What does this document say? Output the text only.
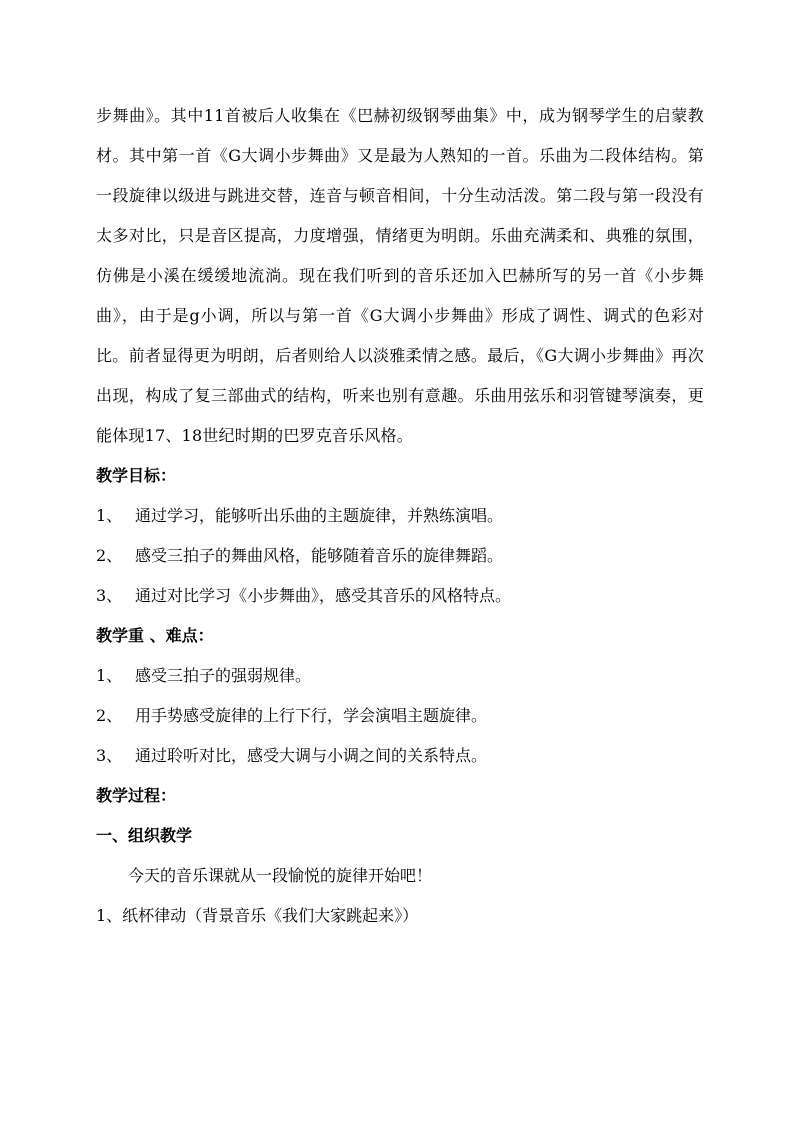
步舞曲》。其中11首被后人收集在《巴赫初级钢琴曲集》中，成为钢琴学生的启蒙教材。其中第一首《G大调小步舞曲》又是最为人熟知的一首。乐曲为二段体结构。第一段旋律以级进与跳进交替，连音与顿音相间，十分生动活泼。第二段与第一段没有太多对比，只是音区提高，力度增强，情绪更为明朗。乐曲充满柔和、典雅的氛围，仿佛是小溪在缓缓地流淌。现在我们听到的音乐还加入巴赫所写的另一首《小步舞曲》，由于是g小调，所以与第一首《G大调小步舞曲》形成了调性、调式的色彩对比。前者显得更为明朗，后者则给人以淡雅柔情之感。最后，《G大调小步舞曲》再次出现，构成了复三部曲式的结构，听来也别有意趣。乐曲用弦乐和羽管键琴演奏，更能体现17、18世纪时期的巴罗克音乐风格。

教学目标：

1、 通过学习，能够听出乐曲的主题旋律，并熟练演唱。

2、 感受三拍子的舞曲风格，能够随着音乐的旋律舞蹈。

3、 通过对比学习《小步舞曲》，感受其音乐的风格特点。

教学重 、难点：

1、 感受三拍子的强弱规律。

2、 用手势感受旋律的上行下行，学会演唱主题旋律。

3、 通过聆听对比，感受大调与小调之间的关系特点。

教学过程：

一、组织教学

今天的音乐课就从一段愉悦的旋律开始吧！

1、纸杯律动（背景音乐《我们大家跳起来》）
